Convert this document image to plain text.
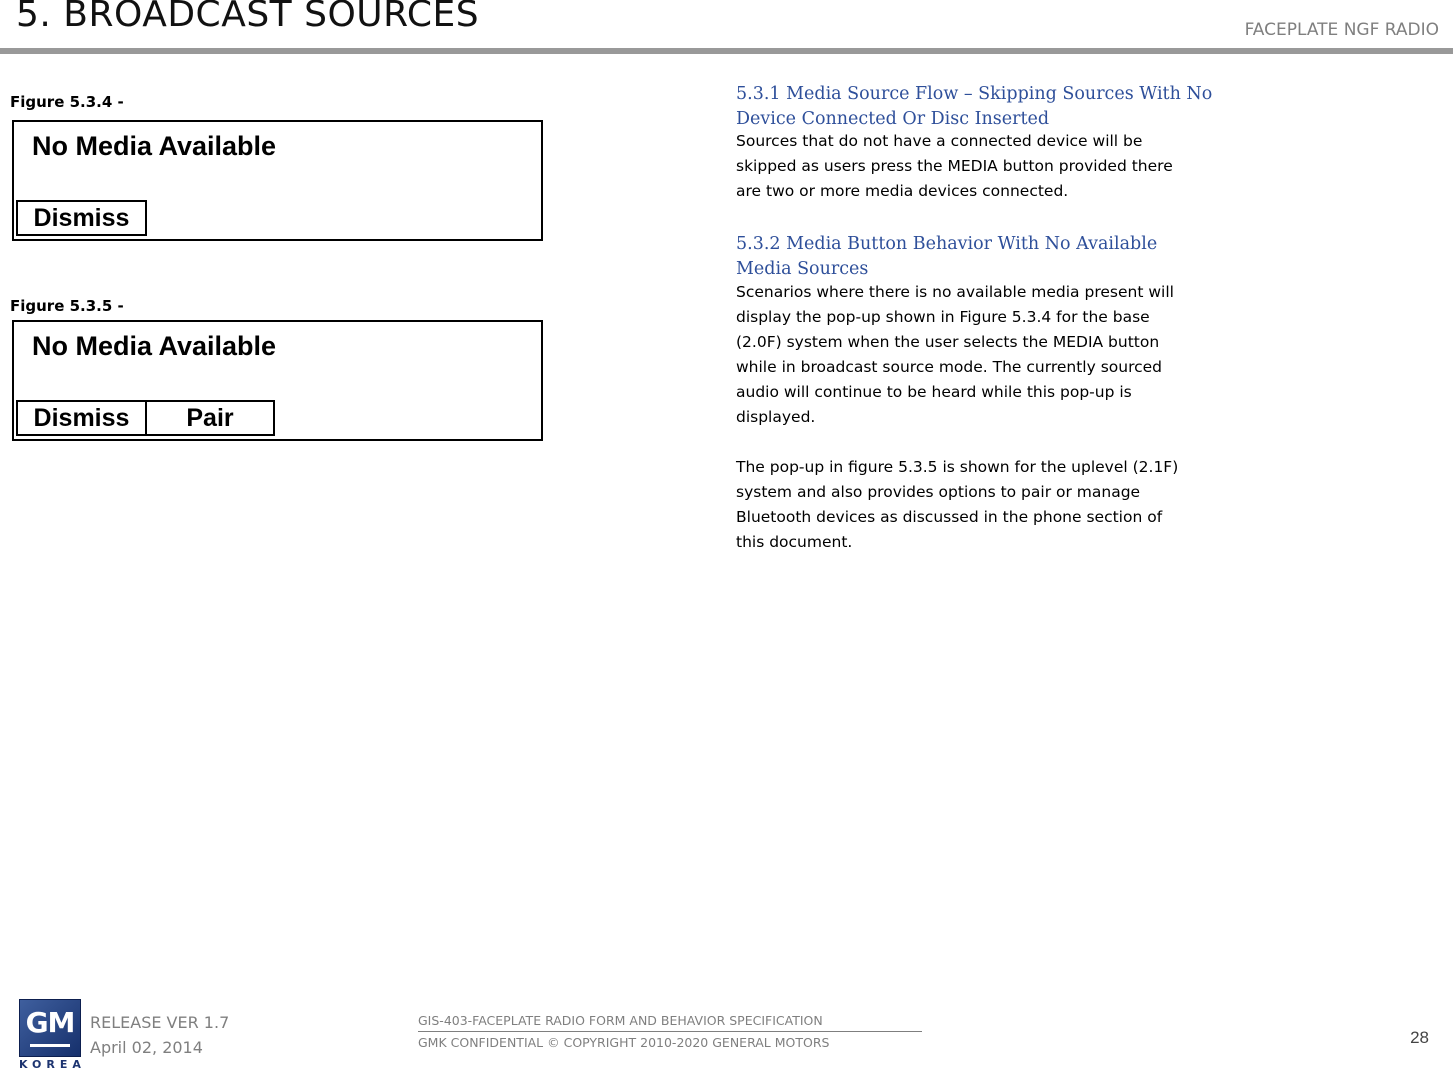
5. BROADCAST SOURCES	FACEPLATE NGF RADIO
Figure 5.3.4 -
No Media Available
Dismiss
Figure 5.3.5 -
No Media Available
Dismiss	Pair
5.3.1 Media Source Flow – Skipping Sources With No
Device Connected Or Disc Inserted
Sources that do not have a connected device will be
skipped as users press the MEDIA button provided there
are two or more media devices connected.
5.3.2 Media Button Behavior With No Available
Media Sources
Scenarios where there is no available media present will
display the pop-up shown in Figure 5.3.4 for the base
(2.0F) system when the user selects the MEDIA button
while in broadcast source mode. The currently sourced
audio will continue to be heard while this pop-up is
displayed.
The pop-up in figure 5.3.5 is shown for the uplevel (2.1F)
system and also provides options to pair or manage
Bluetooth devices as discussed in the phone section of
this document.
GM
KOREA
RELEASE VER 1.7
April 02, 2014
GIS-403-FACEPLATE RADIO FORM AND BEHAVIOR SPECIFICATION
GMK CONFIDENTIAL © COPYRIGHT 2010-2020 GENERAL MOTORS	28
